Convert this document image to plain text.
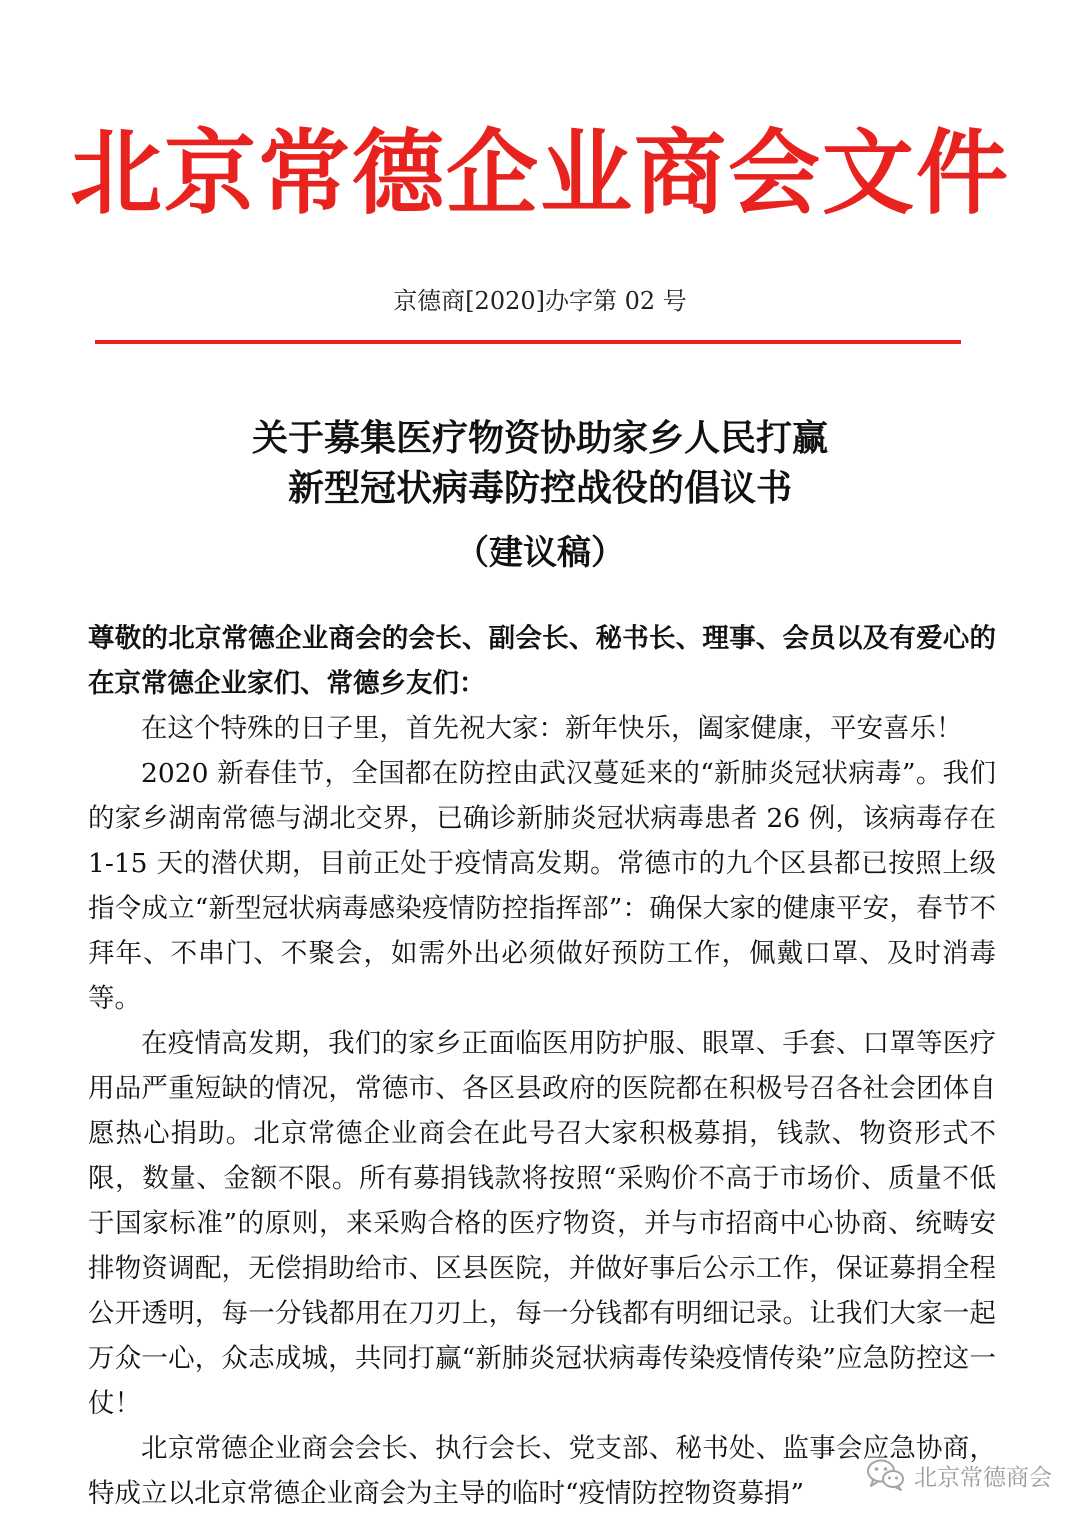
北京常德企业商会文件
京德商[2020]办字第 02 号
关于募集医疗物资协助家乡人民打赢
新型冠状病毒防控战役的倡议书
（建议稿）

尊敬的北京常德企业商会的会长、副会长、秘书长、理事、会员以及有爱心的在京常德企业家们、常德乡友们：

在这个特殊的日子里，首先祝大家：新年快乐，阖家健康，平安喜乐！

2020 新春佳节，全国都在防控由武汉蔓延来的“新肺炎冠状病毒”。我们的家乡湖南常德与湖北交界，已确诊新肺炎冠状病毒患者 26 例，该病毒存在 1-15 天的潜伏期，目前正处于疫情高发期。常德市的九个区县都已按照上级指令成立“新型冠状病毒感染疫情防控指挥部”：确保大家的健康平安，春节不拜年、不串门、不聚会，如需外出必须做好预防工作，佩戴口罩、及时消毒等。

在疫情高发期，我们的家乡正面临医用防护服、眼罩、手套、口罩等医疗用品严重短缺的情况，常德市、各区县政府的医院都在积极号召各社会团体自愿热心捐助。北京常德企业商会在此号召大家积极募捐，钱款、物资形式不限，数量、金额不限。所有募捐钱款将按照“采购价不高于市场价、质量不低于国家标准”的原则，来采购合格的医疗物资，并与市招商中心协商、统畴安排物资调配，无偿捐助给市、区县医院，并做好事后公示工作，保证募捐全程公开透明，每一分钱都用在刀刃上，每一分钱都有明细记录。让我们大家一起万众一心，众志成城，共同打赢“新肺炎冠状病毒传染疫情传染”应急防控这一仗！

北京常德企业商会会长、执行会长、党支部、秘书处、监事会应急协商，特成立以北京常德企业商会为主导的临时“疫情防控物资募捐”

北京常德商会
